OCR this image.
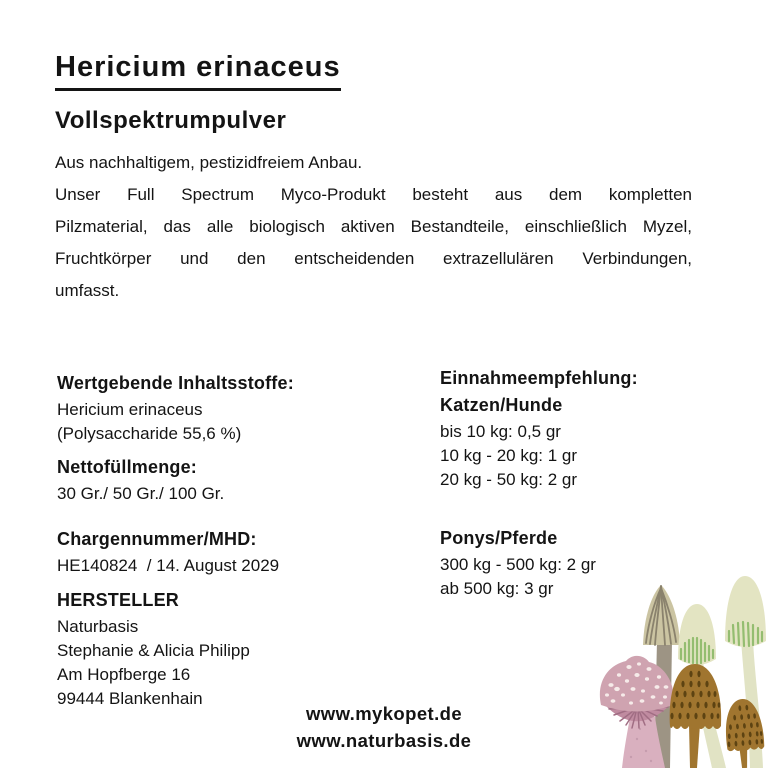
Hericium erinaceus
Vollspektrumpulver
Aus nachhaltigem, pestizidfreiem Anbau.
Unser Full Spectrum Myco-Produkt besteht aus dem kompletten
Pilzmaterial, das alle biologisch aktiven Bestandteile, einschließlich Myzel,
Fruchtkörper und den entscheidenden extrazellulären Verbindungen,
umfasst.

Wertgebende Inhaltsstoffe:

Hericium erinaceus

(Polysaccharide 55,6 %)

Nettofüllmenge:

30 Gr./ 50 Gr./ 100 Gr.

Chargennummer/MHD:

HE140824  / 14. August 2029

HERSTELLER

Naturbasis

Stephanie & Alicia Philipp

Am Hopfberge 16

99444 Blankenhain

Einnahmeempfehlung:

Katzen/Hunde

bis 10 kg: 0,5 gr

10 kg - 20 kg: 1 gr

20 kg - 50 kg: 2 gr

Ponys/Pferde

300 kg - 500 kg: 2 gr

ab 500 kg: 3 gr

www.mykopet.de
www.naturbasis.de
